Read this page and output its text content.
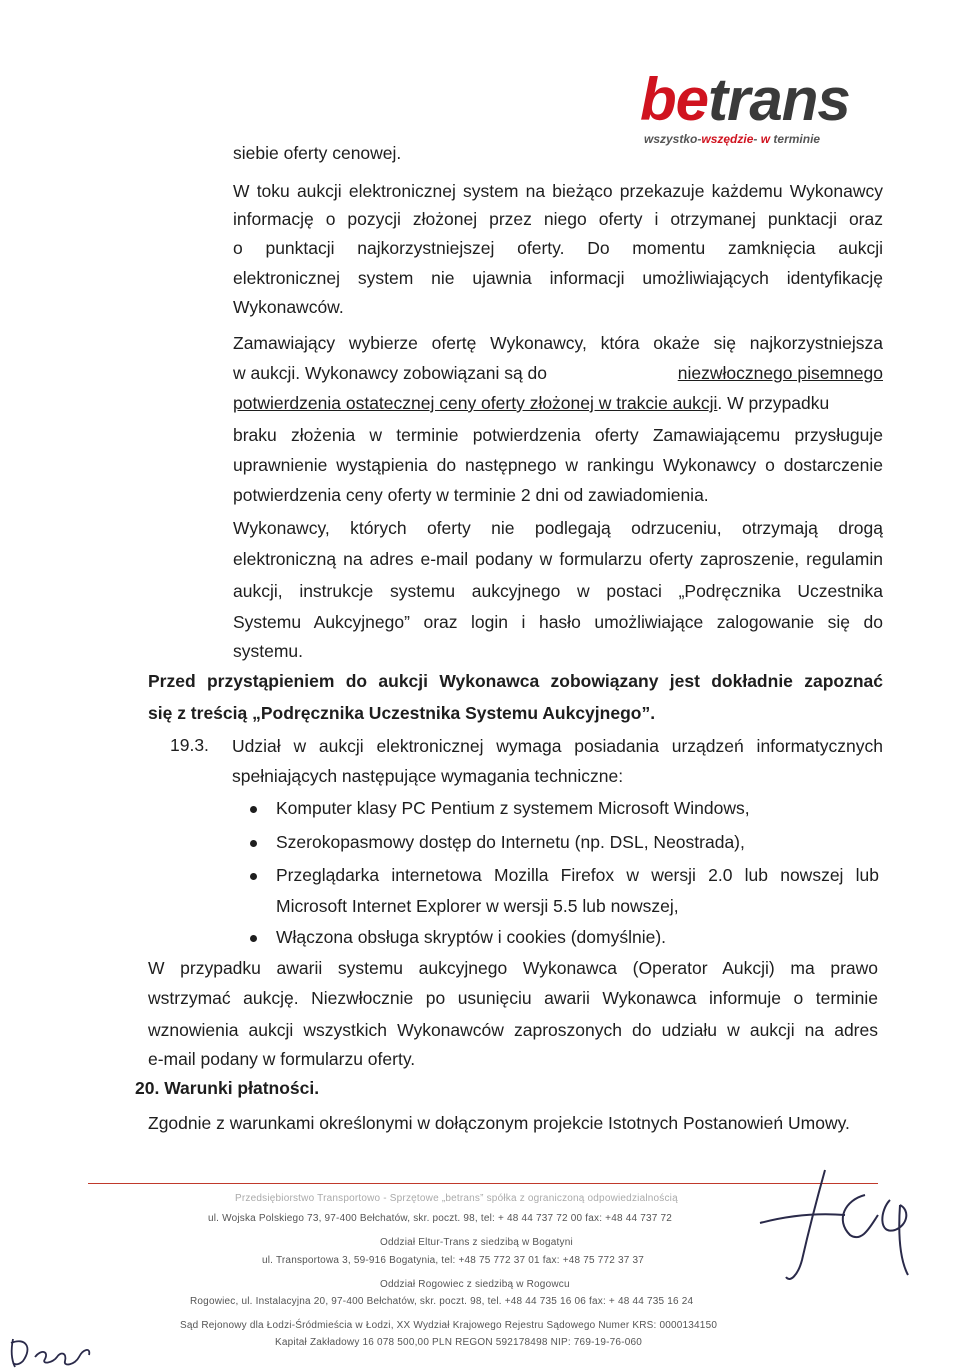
betrans
wszystko-wszędzie- w terminie
siebie oferty cenowej.
W toku aukcji elektronicznej system na bieżąco przekazuje każdemu Wykonawcy
informację o pozycji złożonej przez niego oferty i otrzymanej punktacji oraz
o punktacji najkorzystniejszej oferty. Do momentu zamknięcia aukcji
elektronicznej system nie ujawnia informacji umożliwiających identyfikację
Wykonawców.
Zamawiający wybierze ofertę Wykonawcy, która okaże się najkorzystniejsza
w aukcji. Wykonawcy zobowiązani są do	niezwłocznego pisemnego
potwierdzenia ostatecznej ceny oferty złożonej w trakcie aukcji. W przypadku
braku złożenia w terminie potwierdzenia oferty Zamawiającemu przysługuje
uprawnienie wystąpienia do następnego w rankingu Wykonawcy o dostarczenie
potwierdzenia ceny oferty w terminie 2 dni od zawiadomienia.
Wykonawcy, których oferty nie podlegają odrzuceniu, otrzymają drogą
elektroniczną na adres e-mail podany w formularzu oferty zaproszenie, regulamin
aukcji, instrukcje systemu aukcyjnego w postaci „Podręcznika Uczestnika
Systemu Aukcyjnego” oraz login i hasło umożliwiające zalogowanie się do
systemu.
Przed przystąpieniem do aukcji Wykonawca zobowiązany jest dokładnie zapoznać
się z treścią „Podręcznika Uczestnika Systemu Aukcyjnego”.
19.3. Udział w aukcji elektronicznej wymaga posiadania urządzeń informatycznych
spełniających następujące wymagania techniczne:
Komputer klasy PC Pentium z systemem Microsoft Windows,
Szerokopasmowy dostęp do Internetu (np. DSL, Neostrada),
Przeglądarka internetowa Mozilla Firefox w wersji 2.0 lub nowszej lub
Microsoft Internet Explorer w wersji 5.5 lub nowszej,
Włączona obsługa skryptów i cookies (domyślnie).
W przypadku awarii systemu aukcyjnego Wykonawca (Operator Aukcji) ma prawo
wstrzymać aukcję. Niezwłocznie po usunięciu awarii Wykonawca informuje o terminie
wznowienia aukcji wszystkich Wykonawców zaproszonych do udziału w aukcji na adres
e-mail podany w formularzu oferty.
20. Warunki płatności.
Zgodnie z warunkami określonymi w dołączonym projekcie Istotnych Postanowień Umowy.
Przedsiębiorstwo Transportowo - Sprzętowe „betrans” spółka z ograniczoną odpowiedzialnością
ul. Wojska Polskiego 73, 97-400 Bełchatów, skr. poczt. 98, tel: + 48 44 737 72 00 fax: +48 44 737 72
Oddział Eltur-Trans z siedzibą w Bogatyni
ul. Transportowa 3, 59-916 Bogatynia, tel: +48 75 772 37 01 fax: +48 75 772 37 37
Oddział Rogowiec z siedzibą w Rogowcu
Rogowiec, ul. Instalacyjna 20, 97-400 Bełchatów, skr. poczt. 98, tel. +48 44 735 16 06 fax: + 48 44 735 16 24
Sąd Rejonowy dla Łodzi-Śródmieścia w Łodzi, XX Wydział Krajowego Rejestru Sądowego Numer KRS: 0000134150
Kapitał Zakładowy 16 078 500,00 PLN REGON 592178498 NIP: 769-19-76-060
